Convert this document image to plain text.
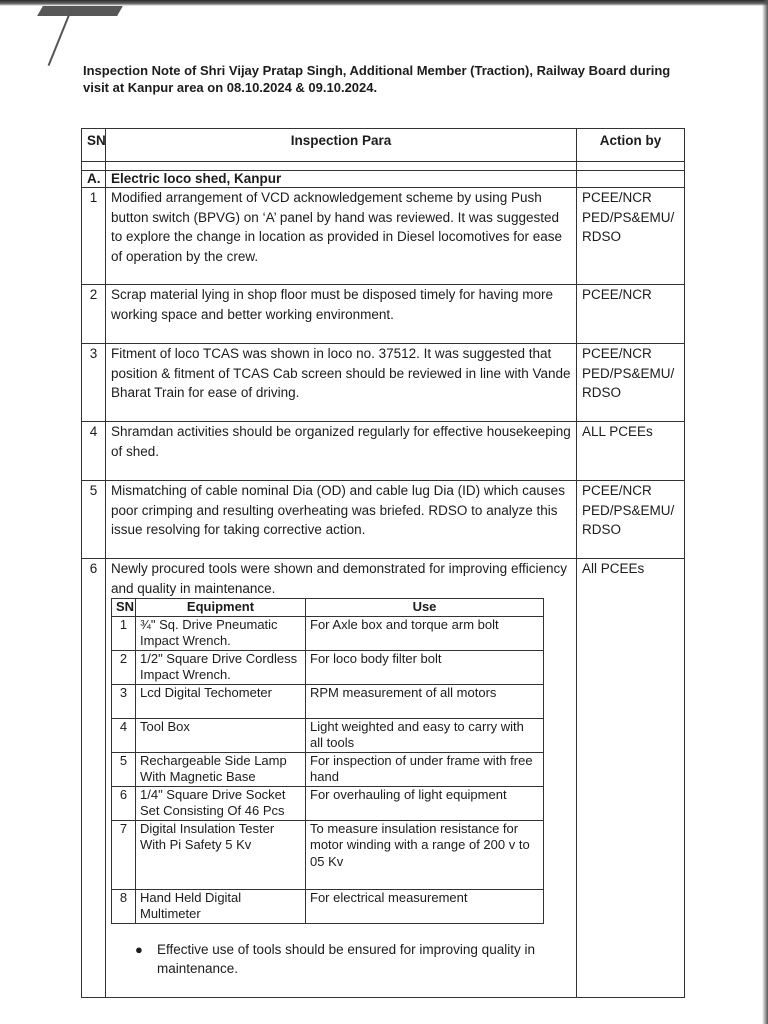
Inspection Note of Shri Vijay Pratap Singh, Additional Member (Traction), Railway Board during visit at Kanpur area on 08.10.2024 & 09.10.2024.
SN	Inspection Para	Action by

A.	Electric loco shed, Kanpur	
1	Modified arrangement of VCD acknowledgement scheme by using Push button switch (BPVG) on ‘A’ panel by hand was reviewed. It was suggested to explore the change in location as provided in Diesel locomotives for ease of operation by the crew.	PCEE/NCR
PED/PS&EMU/
RDSO
2	Scrap material lying in shop floor must be disposed timely for having more working space and better working environment.	PCEE/NCR
3	Fitment of loco TCAS was shown in loco no. 37512. It was suggested that position & fitment of TCAS Cab screen should be reviewed in line with Vande Bharat Train for ease of driving.	PCEE/NCR
PED/PS&EMU/
RDSO
4	Shramdan activities should be organized regularly for effective housekeeping of shed.	ALL PCEEs
5	Mismatching of cable nominal Dia (OD) and cable lug Dia (ID) which causes poor crimping and resulting overheating was briefed. RDSO to analyze this issue resolving for taking corrective action.	PCEE/NCR
PED/PS&EMU/
RDSO
6	Newly procured tools were shown and demonstrated for improving efficiency and quality in maintenance.
SN	Equipment	Use
1	¾" Sq. Drive Pneumatic Impact Wrench.	For Axle box and torque arm bolt
2	1/2" Square Drive Cordless Impact Wrench.	For loco body filter bolt
3	Lcd Digital Techometer	RPM measurement of all motors
4	Tool Box	Light weighted and easy to carry with all tools
5	Rechargeable Side Lamp With Magnetic Base	For inspection of under frame with free hand
6	1/4" Square Drive Socket Set Consisting Of 46 Pcs	For overhauling of light equipment
7	Digital Insulation Tester With Pi Safety 5 Kv	To measure insulation resistance for motor winding with a range of 200 v to 05 Kv
8	Hand Held Digital Multimeter	For electrical measurement
●	Effective use of tools should be ensured for improving quality in maintenance.
	All PCEEs
